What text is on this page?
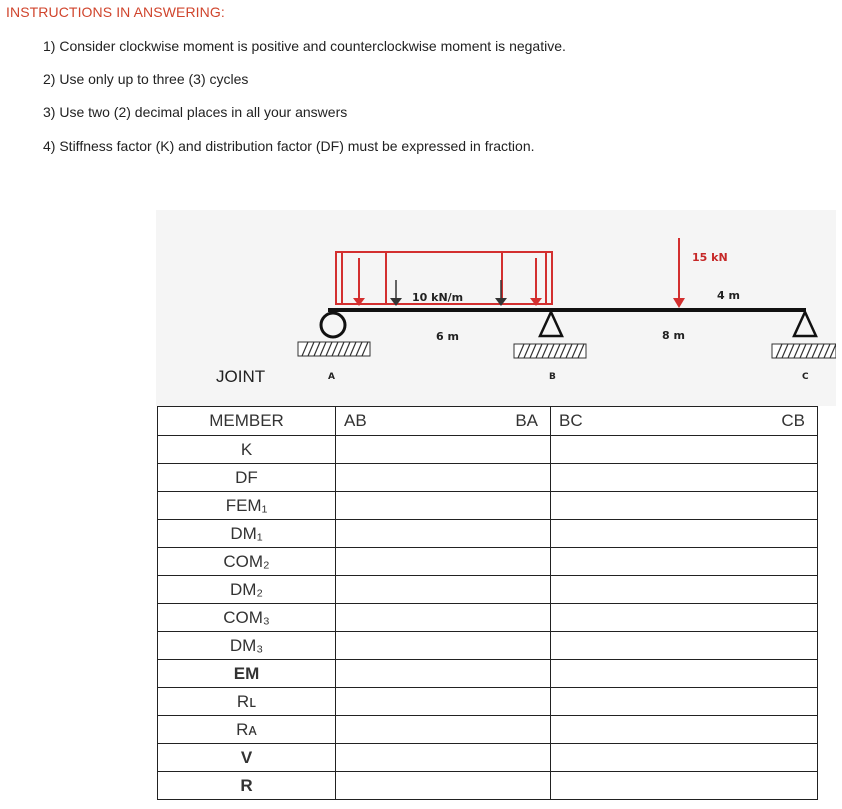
INSTRUCTIONS IN ANSWERING:
1) Consider clockwise moment is positive and counterclockwise moment is negative.
2) Use only up to three (3) cycles
3) Use two (2) decimal places in all your answers
4) Stiffness factor (K) and distribution factor (DF) must be expressed in fraction.
10 kN/m
15 kN
4 m
6 m	8 m
JOINT	A	B	C
MEMBER	AB BA	BC CB

K		
DF		
FEM₁		
DM₁		
COM₂		
DM₂		
COM₃		
DM₃		
EM		
Rʟ		
Rᴀ		
V		
R		
